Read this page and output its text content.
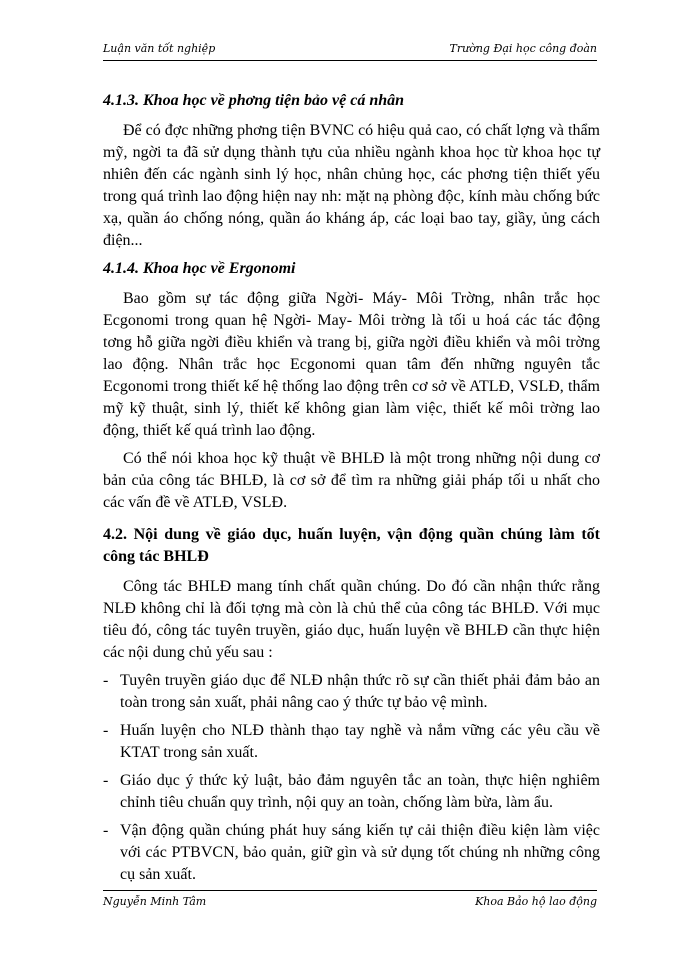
Luận văn tốt nghiệp	Trường Đại học công đoàn
4.1.3. Khoa học về phơng tiện bảo vệ cá nhân

Để có đợc những phơng tiện BVNC có hiệu quả cao, có chất lợng và thẩm mỹ, ngời ta đã sử dụng thành tựu của nhiều ngành khoa học từ khoa học tự nhiên đến các ngành sinh lý học, nhân chủng học, các phơng tiện thiết yếu trong quá trình lao động hiện nay nh: mặt nạ phòng độc, kính màu chống bức xạ, quần áo chống nóng, quần áo kháng áp, các loại bao tay, giầy, ủng cách điện...

4.1.4. Khoa học về Ergonomi

Bao gồm sự tác động giữa Ngời- Máy- Môi Trờng, nhân trắc học Ecgonomi trong quan hệ Ngời- May- Môi trờng là tối u hoá các tác động tơng hỗ giữa ngời điều khiển và trang bị, giữa ngời điều khiển và môi trờng lao động. Nhân trắc học Ecgonomi quan tâm đến những nguyên tắc Ecgonomi trong thiết kế hệ thống lao động trên cơ sở về ATLĐ, VSLĐ, thẩm mỹ kỹ thuật, sinh lý, thiết kế không gian làm việc, thiết kế môi trờng lao động, thiết kế quá trình lao động.

Có thể nói khoa học kỹ thuật về BHLĐ là một trong những nội dung cơ bản của công tác BHLĐ, là cơ sở để tìm ra những giải pháp tối u nhất cho các vấn đề về ATLĐ, VSLĐ.

4.2. Nội dung về giáo dục, huấn luyện, vận động quần chúng làm tốt công tác BHLĐ

Công tác BHLĐ mang tính chất quần chúng. Do đó cần nhận thức rằng NLĐ không chỉ là đối tợng mà còn là chủ thể của công tác BHLĐ. Với mục tiêu đó, công tác tuyên truyền, giáo dục, huấn luyện về BHLĐ cần thực hiện các nội dung chủ yếu sau :

- Tuyên truyền giáo dục để NLĐ nhận thức rõ sự cần thiết phải đảm bảo an toàn trong sản xuất, phải nâng cao ý thức tự bảo vệ mình.
- Huấn luyện cho NLĐ thành thạo tay nghề và nắm vững các yêu cầu về KTAT trong sản xuất.
- Giáo dục ý thức kỷ luật, bảo đảm nguyên tắc an toàn, thực hiện nghiêm chỉnh tiêu chuẩn quy trình, nội quy an toàn, chống làm bừa, làm ẩu.
- Vận động quần chúng phát huy sáng kiến tự cải thiện điều kiện làm việc với các PTBVCN, bảo quản, giữ gìn và sử dụng tốt chúng nh những công cụ sản xuất.
Nguyễn Minh Tâm	Khoa Bảo hộ lao động
